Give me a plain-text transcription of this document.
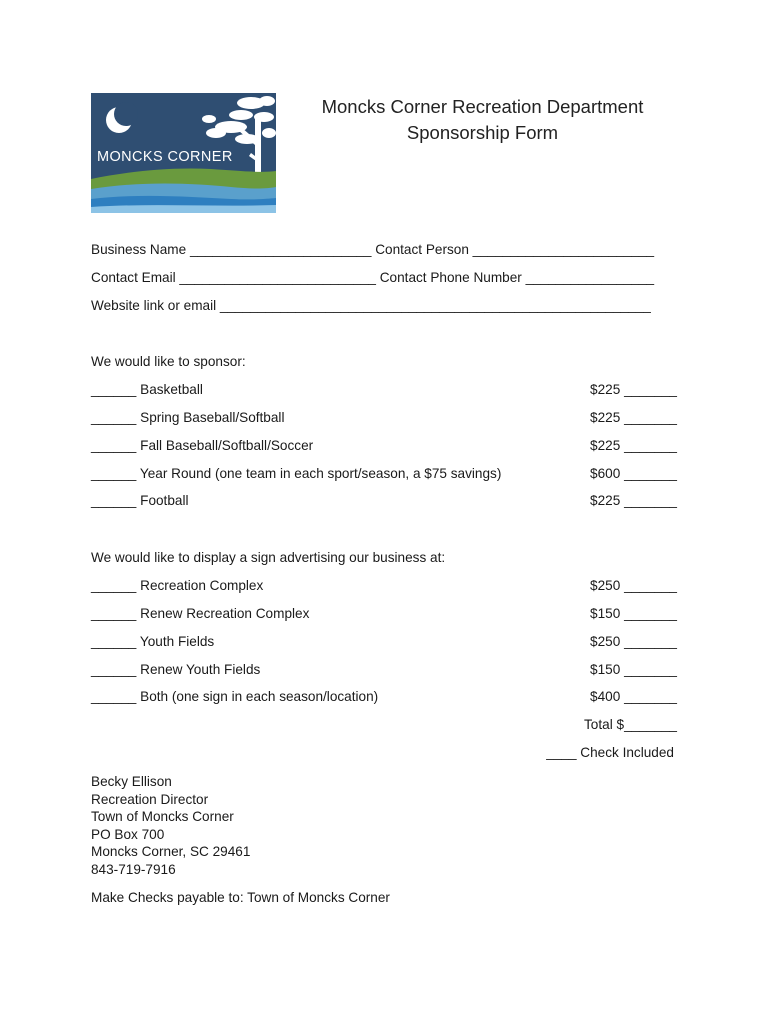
MONCKS CORNER
Moncks Corner Recreation Department
Sponsorship Form
Business Name ________________________ Contact Person ________________________
Contact Email __________________________ Contact Phone Number _________________
Website link or email _________________________________________________________
We would like to sponsor:
______ Basketball	$225 _______
______ Spring Baseball/Softball	$225 _______
______ Fall Baseball/Softball/Soccer	$225 _______
______ Year Round (one team in each sport/season, a $75 savings)	$600 _______
______ Football	$225 _______
We would like to display a sign advertising our business at:
______ Recreation Complex	$250 _______
______ Renew Recreation Complex	$150 _______
______ Youth Fields	$250 _______
______ Renew Youth Fields	$150 _______
______ Both (one sign in each season/location)	$400 _______
Total $_______
____ Check Included
Becky Ellison
Recreation Director
Town of Moncks Corner
PO Box 700
Moncks Corner, SC 29461
843-719-7916
Make Checks payable to: Town of Moncks Corner
